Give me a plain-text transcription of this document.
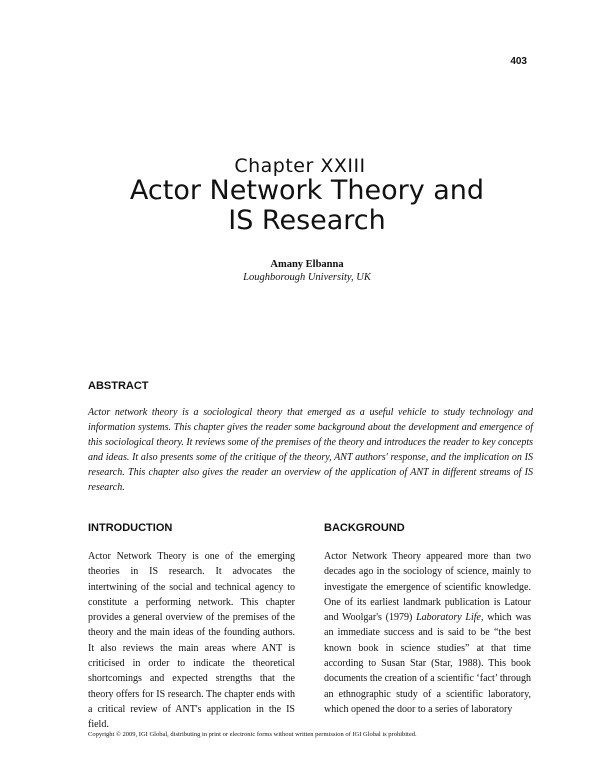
403
Chapter XXIII
Actor Network Theory and
IS Research
Amany Elbanna
Loughborough University, UK
ABSTRACT

Actor network theory is a sociological theory that emerged as a useful vehicle to study technology and information systems. This chapter gives the reader some background about the development and emergence of this sociological theory. It reviews some of the premises of the theory and introduces the reader to key concepts and ideas. It also presents some of the critique of the theory, ANT authors' response, and the implication on IS research. This chapter also gives the reader an overview of the application of ANT in different streams of IS research.

INTRODUCTION	BACKGROUND

Actor Network Theory is one of the emerging theories in IS research. It advocates the intertwining of the social and technical agency to constitute a performing network. This chapter provides a general overview of the premises of the theory and the main ideas of the founding authors. It also reviews the main areas where ANT is criticised in order to indicate the theoretical shortcomings and expected strengths that the theory offers for IS research. The chapter ends with a critical review of ANT's application in the IS field.

Actor Network Theory appeared more than two decades ago in the sociology of science, mainly to investigate the emergence of scientific knowledge. One of its earliest landmark publication is Latour and Woolgar's (1979) Laboratory Life, which was an immediate success and is said to be “the best known book in science studies” at that time according to Susan Star (Star, 1988). This book documents the creation of a scientific ‘fact’ through an ethnographic study of a scientific laboratory, which opened the door to a series of laboratory

Copyright © 2009, IGI Global, distributing in print or electronic forms without written permission of IGI Global is prohibited.
